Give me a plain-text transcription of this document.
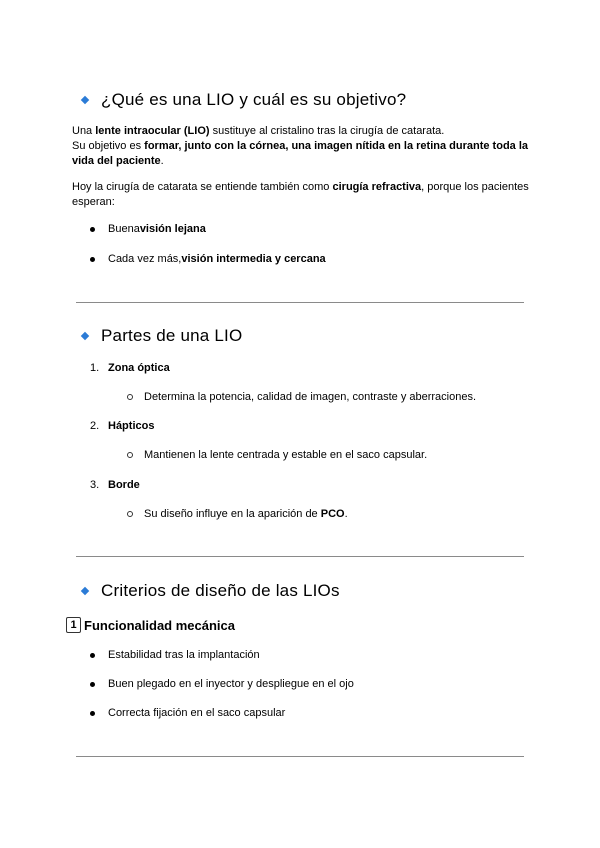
¿Qué es una LIO y cuál es su objetivo?

Una lente intraocular (LIO) sustituye al cristalino tras la cirugía de catarata.
Su objetivo es formar, junto con la córnea, una imagen nítida en la retina durante toda la vida del paciente.

Hoy la cirugía de catarata se entiende también como cirugía refractiva, porque los pacientes esperan:

Buena visión lejana

Cada vez más, visión intermedia y cercana

Partes de una LIO

1. Zona óptica

Determina la potencia, calidad de imagen, contraste y aberraciones.

2. Hápticos

Mantienen la lente centrada y estable en el saco capsular.

3. Borde

Su diseño influye en la aparición de
PCO .

Criterios de diseño de las LIOs
1 Funcionalidad mecánica

Estabilidad tras la implantación

Buen plegado en el inyector y despliegue en el ojo

Correcta fijación en el saco capsular
